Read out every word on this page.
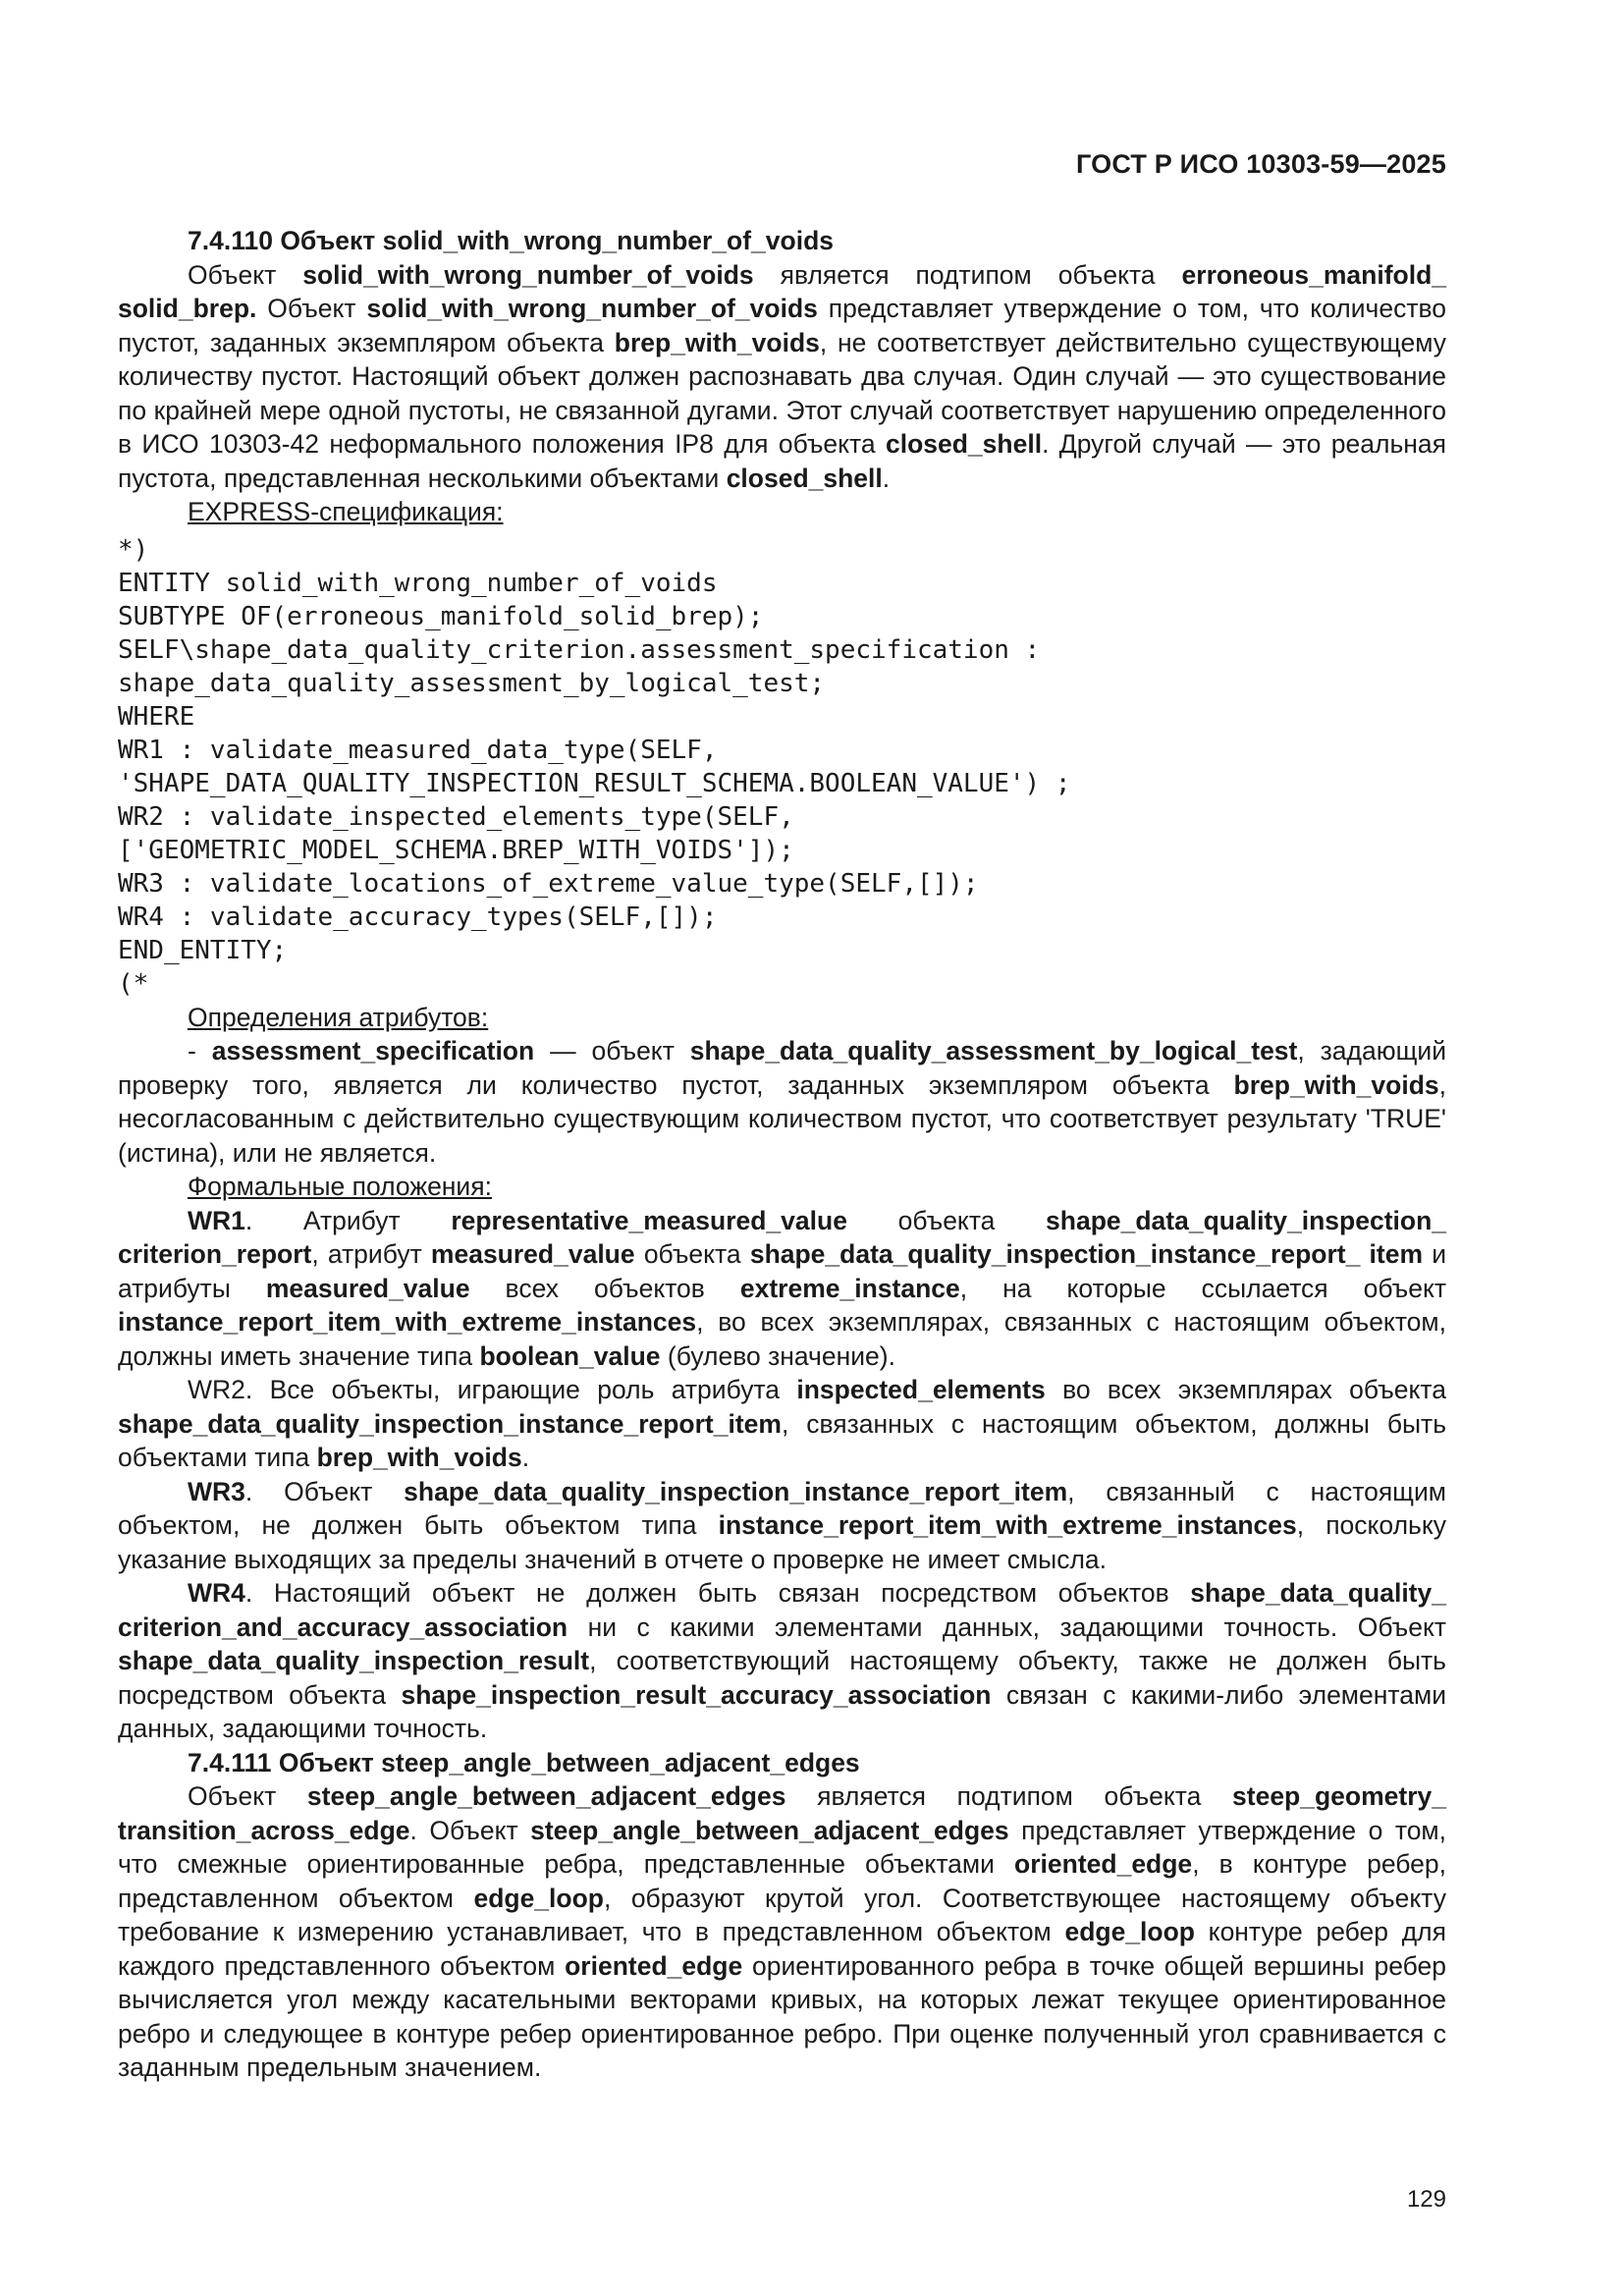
ГОСТ Р ИСО 10303-59—2025

7.4.110 Объект solid_with_wrong_number_of_voids

Объект solid_with_wrong_number_of_voids является подтипом объекта erroneous_manifold_ solid_brep. Объект solid_with_wrong_number_of_voids представляет утверждение о том, что количество пустот, заданных экземпляром объекта brep_with_voids, не соответствует действительно существующему количеству пустот. Настоящий объект должен распознавать два случая. Один случай — это существование по крайней мере одной пустоты, не связанной дугами. Этот случай соответствует нарушению определенного в ИСО 10303-42 неформального положения IP8 для объекта closed_shell. Другой случай — это реальная пустота, представленная несколькими объектами closed_shell.

EXPRESS-спецификация:

*)
ENTITY solid_with_wrong_number_of_voids
SUBTYPE OF(erroneous_manifold_solid_brep);
SELF\shape_data_quality_criterion.assessment_specification :
shape_data_quality_assessment_by_logical_test;
WHERE
WR1 : validate_measured_data_type(SELF,
'SHAPE_DATA_QUALITY_INSPECTION_RESULT_SCHEMA.BOOLEAN_VALUE') ;
WR2 : validate_inspected_elements_type(SELF,
['GEOMETRIC_MODEL_SCHEMA.BREP_WITH_VOIDS']);
WR3 : validate_locations_of_extreme_value_type(SELF,[]);
WR4 : validate_accuracy_types(SELF,[]);
END_ENTITY;
(*

Определения атрибутов:

- assessment_specification — объект shape_data_quality_assessment_by_logical_test, задающий проверку того, является ли количество пустот, заданных экземпляром объекта brep_with_voids, несогласованным с действительно существующим количеством пустот, что соответствует результату 'TRUE' (истина), или не является.

Формальные положения:

WR1. Атрибут representative_measured_value объекта shape_data_quality_inspection_ criterion_report, атрибут measured_value объекта shape_data_quality_inspection_instance_report_ item и атрибуты measured_value всех объектов extreme_instance, на которые ссылается объект instance_report_item_with_extreme_instances, во всех экземплярах, связанных с настоящим объектом, должны иметь значение типа boolean_value (булево значение).

WR2. Все объекты, играющие роль атрибута inspected_elements во всех экземплярах объекта shape_data_quality_inspection_instance_report_item, связанных с настоящим объектом, должны быть объектами типа brep_with_voids.

WR3. Объект shape_data_quality_inspection_instance_report_item, связанный с настоящим объектом, не должен быть объектом типа instance_report_item_with_extreme_instances, поскольку указание выходящих за пределы значений в отчете о проверке не имеет смысла.

WR4. Настоящий объект не должен быть связан посредством объектов shape_data_quality_ criterion_and_accuracy_association ни с какими элементами данных, задающими точность. Объект shape_data_quality_inspection_result, соответствующий настоящему объекту, также не должен быть посредством объекта shape_inspection_result_accuracy_association связан с какими-либо элементами данных, задающими точность.

7.4.111 Объект steep_angle_between_adjacent_edges

Объект steep_angle_between_adjacent_edges является подтипом объекта steep_geometry_ transition_across_edge. Объект steep_angle_between_adjacent_edges представляет утверждение о том, что смежные ориентированные ребра, представленные объектами oriented_edge, в контуре ребер, представленном объектом edge_loop, образуют крутой угол. Соответствующее настоящему объекту требование к измерению устанавливает, что в представленном объектом edge_loop контуре ребер для каждого представленного объектом oriented_edge ориентированного ребра в точке общей вершины ребер вычисляется угол между касательными векторами кривых, на которых лежат текущее ориентированное ребро и следующее в контуре ребер ориентированное ребро. При оценке полученный угол сравнивается с заданным предельным значением.

129
